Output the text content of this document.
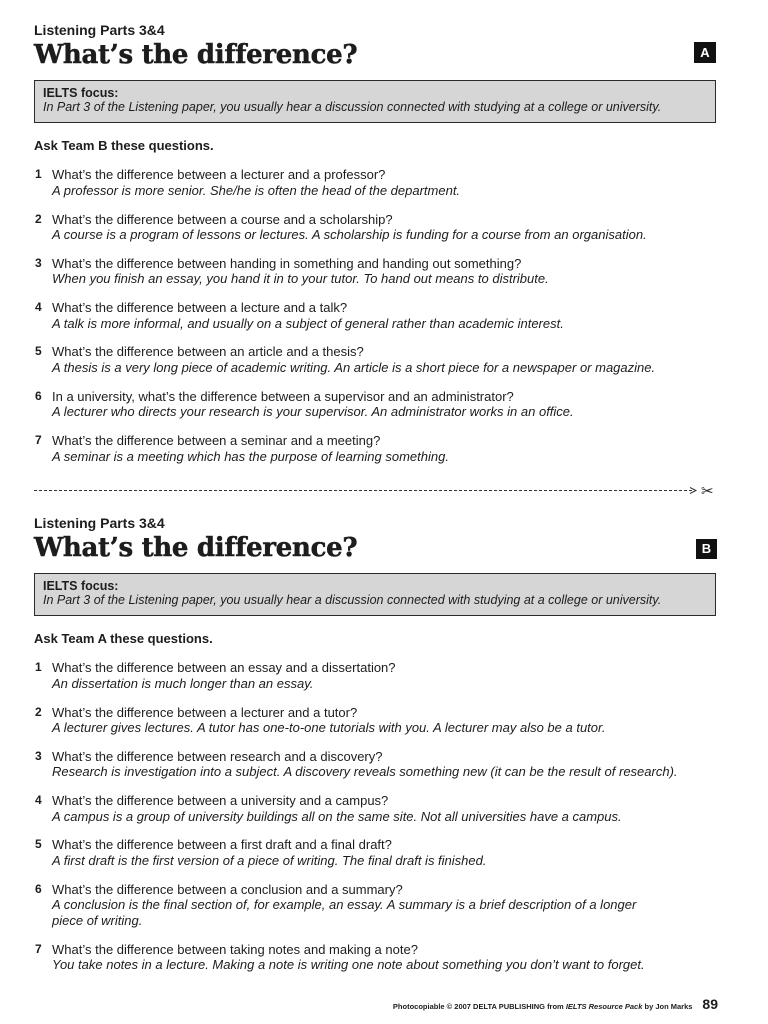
Listening Parts 3&4
What’s the difference?	A
IELTS focus:
In Part 3 of the Listening paper, you usually hear a discussion connected with studying at a college or university.
Ask Team B these questions.
1 What’s the difference between a lecturer and a professor?
A professor is more senior. She/he is often the head of the department.
2 What’s the difference between a course and a scholarship?
A course is a program of lessons or lectures. A scholarship is funding for a course from an organisation.
3 What’s the difference between handing in something and handing out something?
When you finish an essay, you hand it in to your tutor. To hand out means to distribute.
4 What’s the difference between a lecture and a talk?
A talk is more informal, and usually on a subject of general rather than academic interest.
5 What’s the difference between an article and a thesis?
A thesis is a very long piece of academic writing. An article is a short piece for a newspaper or magazine.
6 In a university, what’s the difference between a supervisor and an administrator?
A lecturer who directs your research is your supervisor. An administrator works in an office.
7 What’s the difference between a seminar and a meeting?
A seminar is a meeting which has the purpose of learning something.
✂
Listening Parts 3&4
What’s the difference?	B
IELTS focus:
In Part 3 of the Listening paper, you usually hear a discussion connected with studying at a college or university.
Ask Team A these questions.
1 What’s the difference between an essay and a dissertation?
An dissertation is much longer than an essay.
2 What’s the difference between a lecturer and a tutor?
A lecturer gives lectures. A tutor has one-to-one tutorials with you. A lecturer may also be a tutor.
3 What’s the difference between research and a discovery?
Research is investigation into a subject. A discovery reveals something new (it can be the result of research).
4 What’s the difference between a university and a campus?
A campus is a group of university buildings all on the same site. Not all universities have a campus.
5 What’s the difference between a first draft and a final draft?
A first draft is the first version of a piece of writing. The final draft is finished.
6 What’s the difference between a conclusion and a summary?
A conclusion is the final section of, for example, an essay. A summary is a brief description of a longer
piece of writing.
7 What’s the difference between taking notes and making a note?
You take notes in a lecture. Making a note is writing one note about something you don’t want to forget.
Photocopiable © 2007 DELTA PUBLISHING from IELTS Resource Pack by Jon Marks 89
